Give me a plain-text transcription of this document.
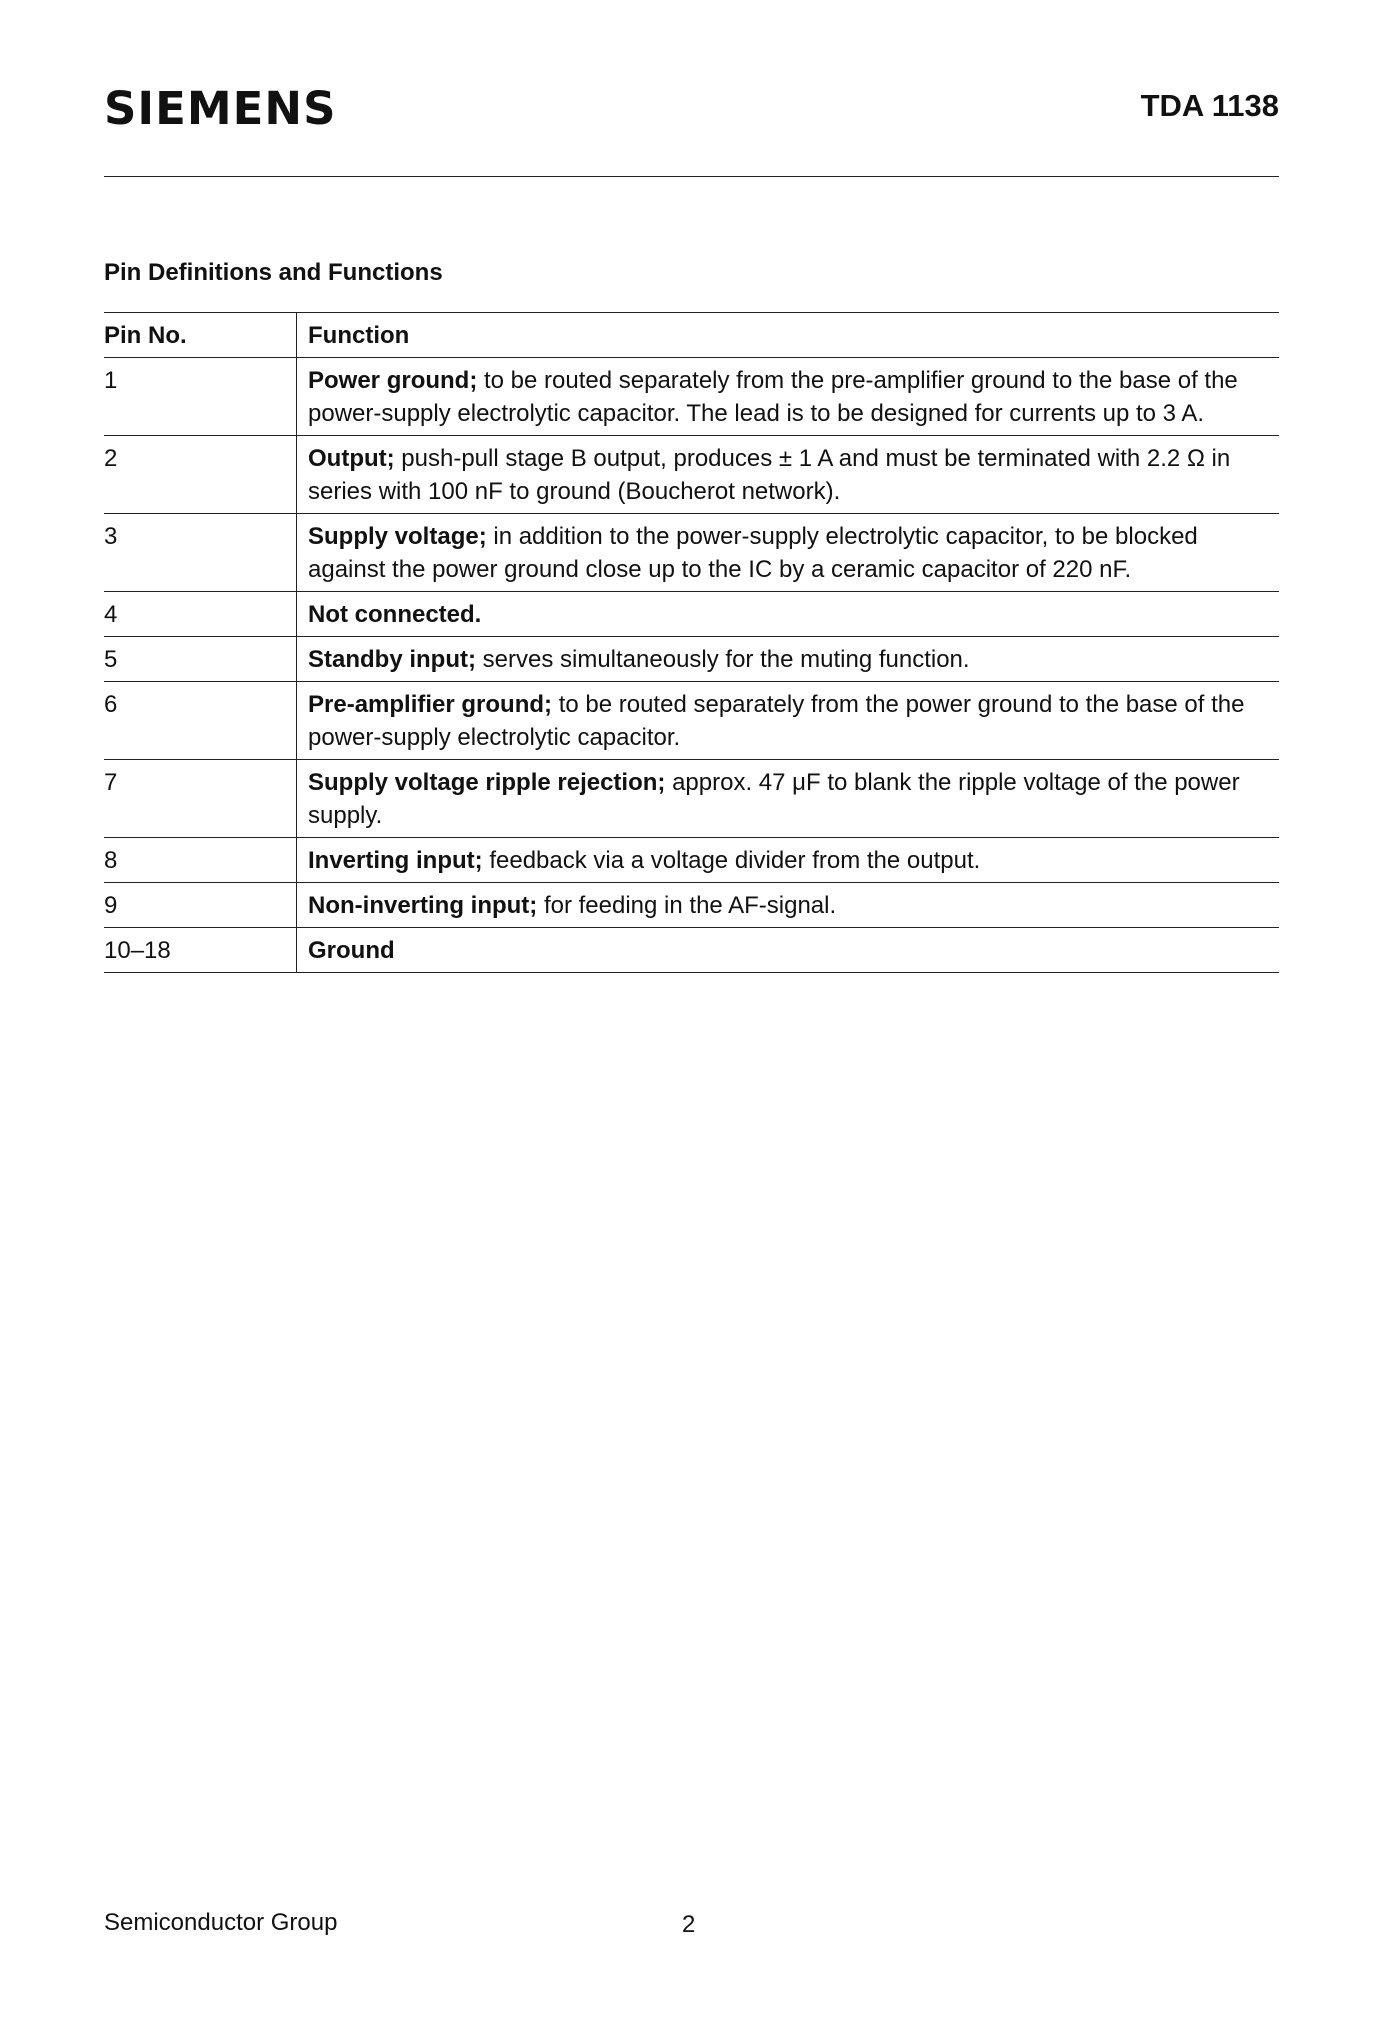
SIEMENS	TDA 1138
Pin Definitions and Functions
Pin No.	Function
1	Power ground; to be routed separately from the pre-amplifier ground to the base of the power-supply electrolytic capacitor. The lead is to be designed for currents up to 3 A.
2	Output; push-pull stage B output, produces ± 1 A and must be terminated with 2.2 Ω in series with 100 nF to ground (Boucherot network).
3	Supply voltage; in addition to the power-supply electrolytic capacitor, to be blocked against the power ground close up to the IC by a ceramic capacitor of 220 nF.
4	Not connected.
5	Standby input; serves simultaneously for the muting function.
6	Pre-amplifier ground; to be routed separately from the power ground to the base of the power-supply electrolytic capacitor.
7	Supply voltage ripple rejection; approx. 47 μF to blank the ripple voltage of the power supply.
8	Inverting input; feedback via a voltage divider from the output.
9	Non-inverting input; for feeding in the AF-signal.
10–18	Ground
Semiconductor Group	2
